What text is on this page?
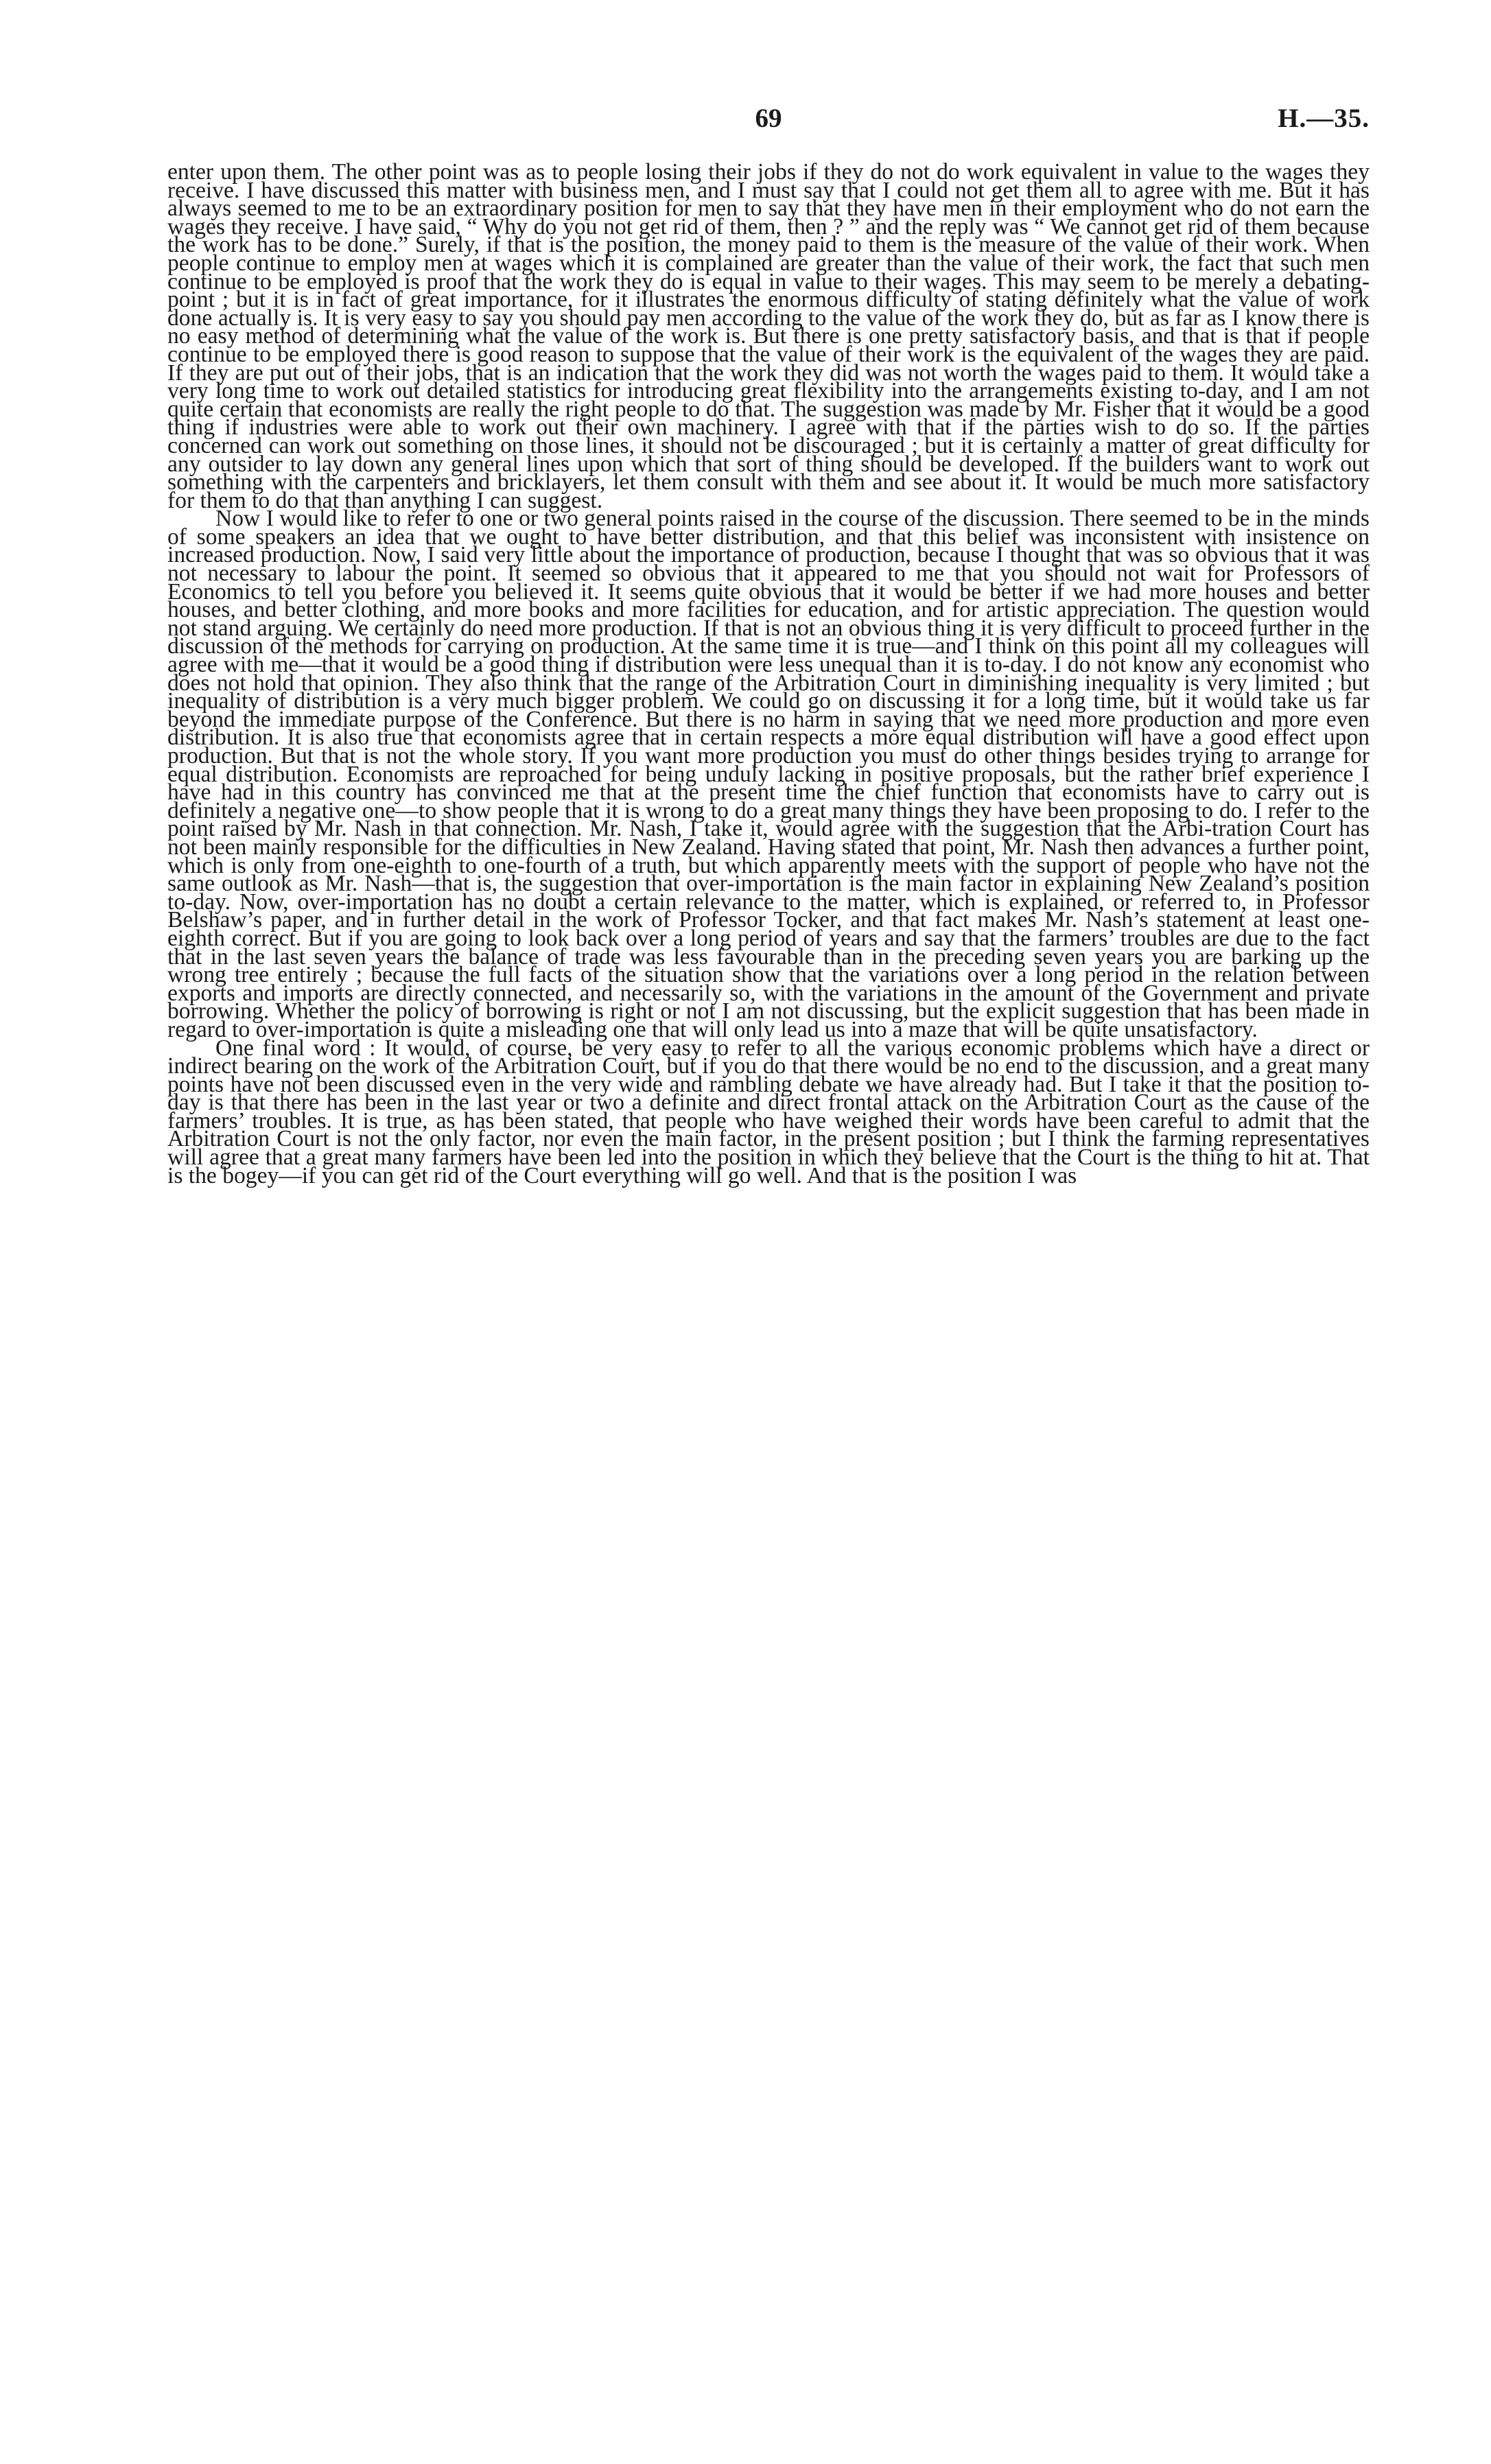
69	H.—35.

enter upon them. The other point was as to people losing their jobs if they do not do work equivalent in value to the wages they receive. I have discussed this matter with business men, and I must say that I could not get them all to agree with me. But it has always seemed to me to be an extraordinary position for men to say that they have men in their employment who do not earn the wages they receive. I have said, “ Why do you not get rid of them, then ? ” and the reply was “ We cannot get rid of them because the work has to be done.” Surely, if that is the position, the money paid to them is the measure of the value of their work. When people continue to employ men at wages which it is complained are greater than the value of their work, the fact that such men continue to be employed is proof that the work they do is equal in value to their wages. This may seem to be merely a debating-point ; but it is in fact of great importance, for it illustrates the enormous difficulty of stating definitely what the value of work done actually is. It is very easy to say you should pay men according to the value of the work they do, but as far as I know there is no easy method of determining what the value of the work is. But there is one pretty satisfactory basis, and that is that if people continue to be employed there is good reason to suppose that the value of their work is the equivalent of the wages they are paid. If they are put out of their jobs, that is an indication that the work they did was not worth the wages paid to them. It would take a very long time to work out detailed statistics for introducing great flexibility into the arrangements existing to-day, and I am not quite certain that economists are really the right people to do that. The suggestion was made by Mr. Fisher that it would be a good thing if industries were able to work out their own machinery. I agree with that if the parties wish to do so. If the parties concerned can work out something on those lines, it should not be discouraged ; but it is certainly a matter of great difficulty for any outsider to lay down any general lines upon which that sort of thing should be developed. If the builders want to work out something with the carpenters and bricklayers, let them consult with them and see about it. It would be much more satisfactory for them to do that than anything I can suggest.

Now I would like to refer to one or two general points raised in the course of the discussion. There seemed to be in the minds of some speakers an idea that we ought to have better distribution, and that this belief was inconsistent with insistence on increased production. Now, I said very little about the importance of production, because I thought that was so obvious that it was not necessary to labour the point. It seemed so obvious that it appeared to me that you should not wait for Professors of Economics to tell you before you believed it. It seems quite obvious that it would be better if we had more houses and better houses, and better clothing, and more books and more facilities for education, and for artistic appreciation. The question would not stand arguing. We certainly do need more production. If that is not an obvious thing it is very difficult to proceed further in the discussion of the methods for carrying on production. At the same time it is true—and I think on this point all my colleagues will agree with me—that it would be a good thing if distribution were less unequal than it is to-day. I do not know any economist who does not hold that opinion. They also think that the range of the Arbitration Court in diminishing inequality is very limited ; but inequality of distribution is a very much bigger problem. We could go on discussing it for a long time, but it would take us far beyond the immediate purpose of the Conference. But there is no harm in saying that we need more production and more even distribution. It is also true that economists agree that in certain respects a more equal distribution will have a good effect upon production. But that is not the whole story. If you want more production you must do other things besides trying to arrange for equal distribution. Economists are reproached for being unduly lacking in positive proposals, but the rather brief experience I have had in this country has convinced me that at the present time the chief function that economists have to carry out is definitely a negative one—to show people that it is wrong to do a great many things they have been proposing to do. I refer to the point raised by Mr. Nash in that connection. Mr. Nash, I take it, would agree with the suggestion that the Arbi-tration Court has not been mainly responsible for the difficulties in New Zealand. Having stated that point, Mr. Nash then advances a further point, which is only from one-eighth to one-fourth of a truth, but which apparently meets with the support of people who have not the same outlook as Mr. Nash—that is, the suggestion that over-importation is the main factor in explaining New Zealand’s position to-day. Now, over-importation has no doubt a certain relevance to the matter, which is explained, or referred to, in Professor Belshaw’s paper, and in further detail in the work of Professor Tocker, and that fact makes Mr. Nash’s statement at least one-eighth correct. But if you are going to look back over a long period of years and say that the farmers’ troubles are due to the fact that in the last seven years the balance of trade was less favourable than in the preceding seven years you are barking up the wrong tree entirely ; because the full facts of the situation show that the variations over a long period in the relation between exports and imports are directly connected, and necessarily so, with the variations in the amount of the Government and private borrowing. Whether the policy of borrowing is right or not I am not discussing, but the explicit suggestion that has been made in regard to over-importation is quite a misleading one that will only lead us into a maze that will be quite unsatisfactory.

One final word : It would, of course, be very easy to refer to all the various economic problems which have a direct or indirect bearing on the work of the Arbitration Court, but if you do that there would be no end to the discussion, and a great many points have not been discussed even in the very wide and rambling debate we have already had. But I take it that the position to-day is that there has been in the last year or two a definite and direct frontal attack on the Arbitration Court as the cause of the farmers’ troubles. It is true, as has been stated, that people who have weighed their words have been careful to admit that the Arbitration Court is not the only factor, nor even the main factor, in the present position ; but I think the farming representatives will agree that a great many farmers have been led into the position in which they believe that the Court is the thing to hit at. That is the bogey—if you can get rid of the Court everything will go well. And that is the position I was
